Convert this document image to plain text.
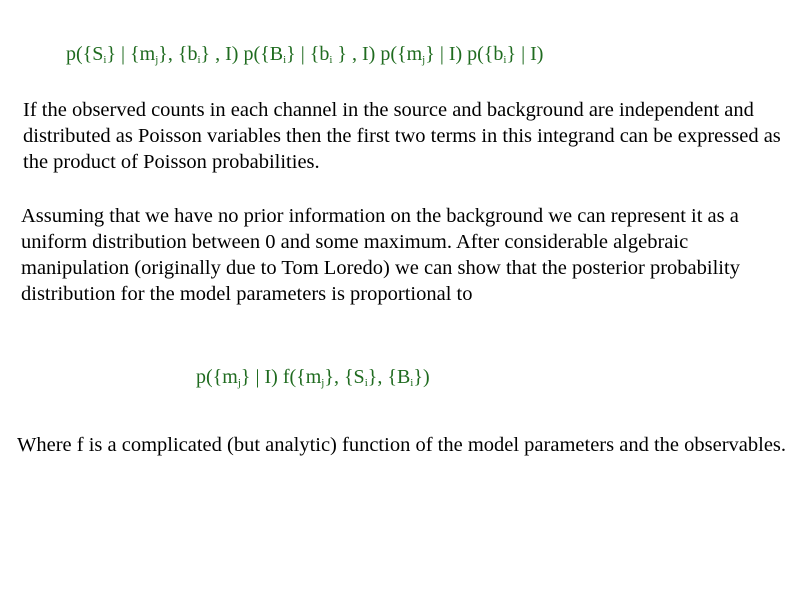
$p(\{S_i\}$ | $\{m_j\}$, $\{b_i\}$ , I) $p(\{B_i\}$ | {$b_i$ } , I) $p(\{m_j\}$ | I) $p(\{b_i\}$ | I)

If the observed counts in each channel in the source and background are independent and distributed as Poisson variables then the first two terms in this integrand can be expressed as the product of Poisson probabilities.

Assuming that we have no prior information on the background we can represent it as a uniform distribution between 0 and some maximum. After considerable algebraic manipulation (originally due to Tom Loredo) we can show that the posterior probability distribution for the model parameters is proportional to

$p(\{m_j\}$ | I) $f(\{m_j\}$, $\{S_i\}$, $\{B_i\}$)

Where f is a complicated (but analytic) function of the model parameters and the observables.
